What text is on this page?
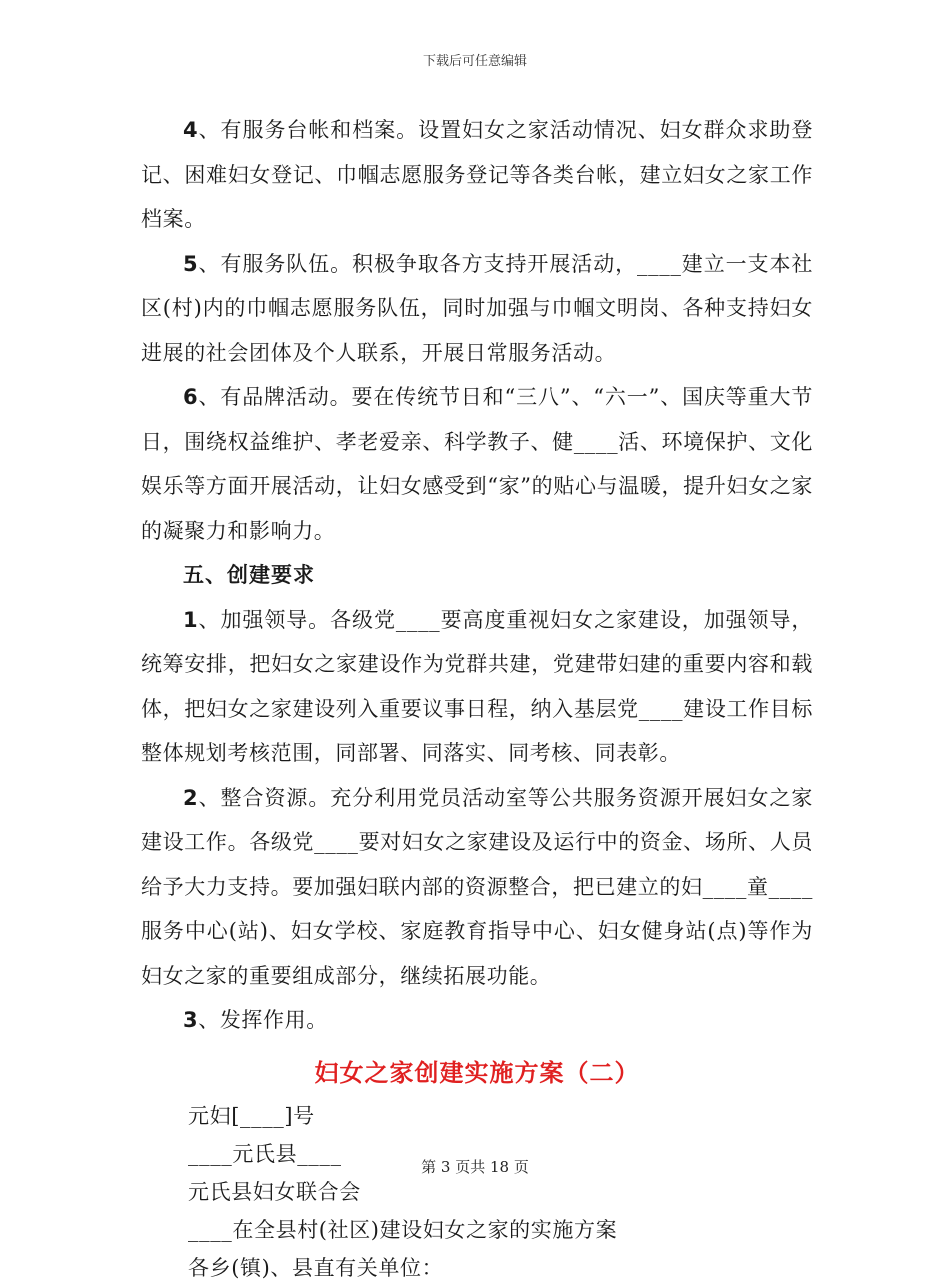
下载后可任意编辑

4、有服务台帐和档案。设置妇女之家活动情况、妇女群众求助登记、困难妇女登记、巾帼志愿服务登记等各类台帐，建立妇女之家工作档案。

5、有服务队伍。积极争取各方支持开展活动，____建立一支本社区(村)内的巾帼志愿服务队伍，同时加强与巾帼文明岗、各种支持妇女进展的社会团体及个人联系，开展日常服务活动。

6、有品牌活动。要在传统节日和“三八”、“六一”、国庆等重大节日，围绕权益维护、孝老爱亲、科学教子、健____活、环境保护、文化娱乐等方面开展活动，让妇女感受到“家”的贴心与温暖，提升妇女之家的凝聚力和影响力。

五、创建要求

1、加强领导。各级党____要高度重视妇女之家建设，加强领导，统筹安排，把妇女之家建设作为党群共建，党建带妇建的重要内容和载体，把妇女之家建设列入重要议事日程，纳入基层党____建设工作目标整体规划考核范围，同部署、同落实、同考核、同表彰。

2、整合资源。充分利用党员活动室等公共服务资源开展妇女之家建设工作。各级党____要对妇女之家建设及运行中的资金、场所、人员给予大力支持。要加强妇联内部的资源整合，把已建立的妇____童____服务中心(站)、妇女学校、家庭教育指导中心、妇女健身站(点)等作为妇女之家的重要组成部分，继续拓展功能。

3、发挥作用。

妇女之家创建实施方案（二）

元妇[____]号

____元氏县____

元氏县妇女联合会

____在全县村(社区)建设妇女之家的实施方案

各乡(镇)、县直有关单位：

第 3 页共 18 页
